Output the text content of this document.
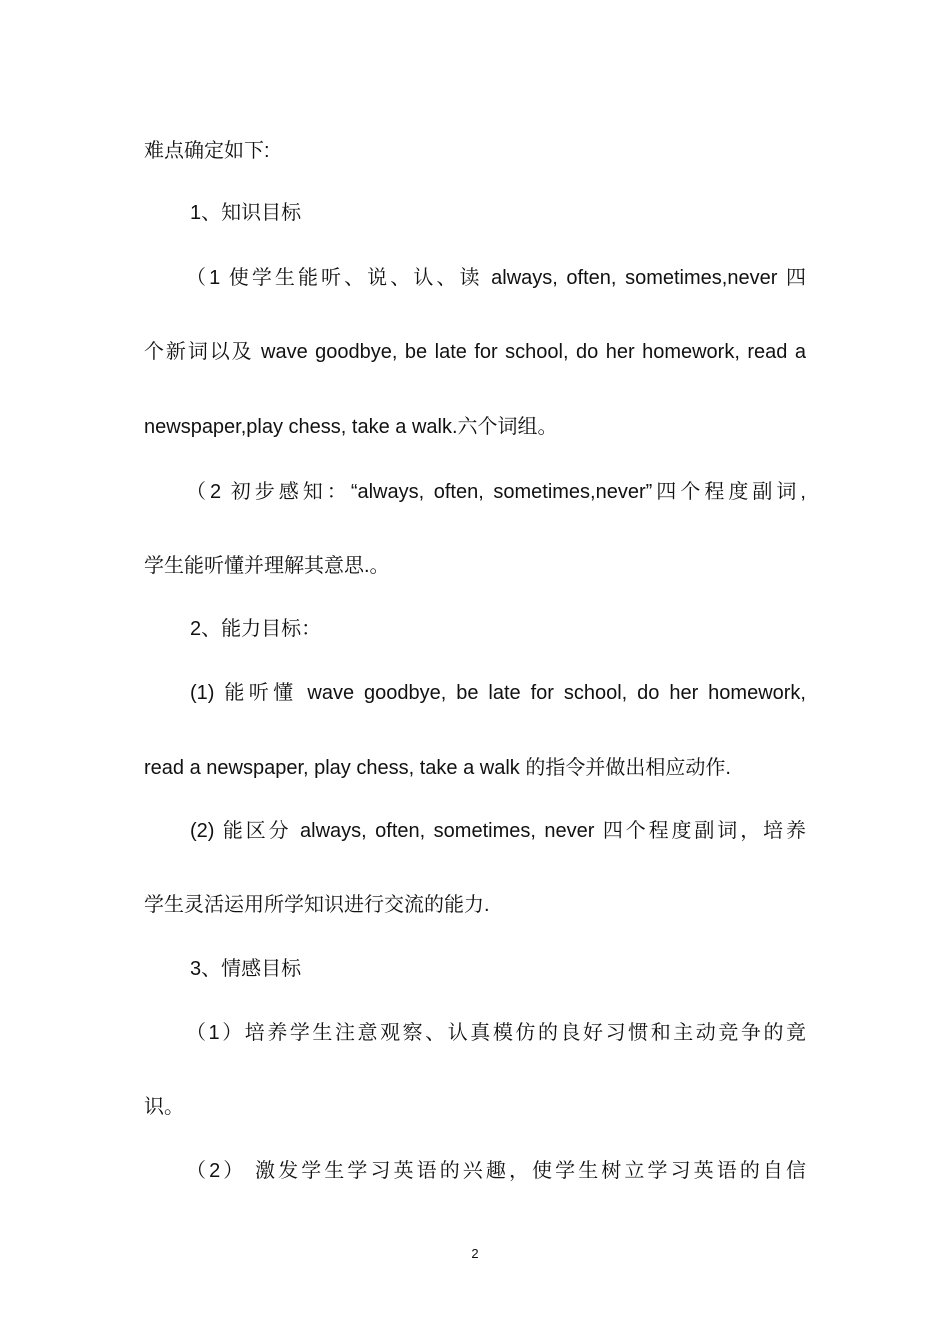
难点确定如下:

1、知识目标

（1 使学生能听、说、认、读 always, often, sometimes,never 四

个新词以及 wave goodbye, be late for school, do her homework, read a

newspaper,play chess, take a walk.六个词组。

（2 初步感知：“always, often, sometimes,never”四个程度副词,

学生能听懂并理解其意思.。

2、能力目标：

(1) 能听懂 wave goodbye, be late for school, do her homework,

read a newspaper, play chess, take a walk 的指令并做出相应动作.

(2) 能区分 always, often, sometimes, never 四个程度副词，培养

学生灵活运用所学知识进行交流的能力.

3、情感目标

（1）培养学生注意观察、认真模仿的良好习惯和主动竞争的竟

识。

（2） 激发学生学习英语的兴趣，使学生树立学习英语的自信

2
